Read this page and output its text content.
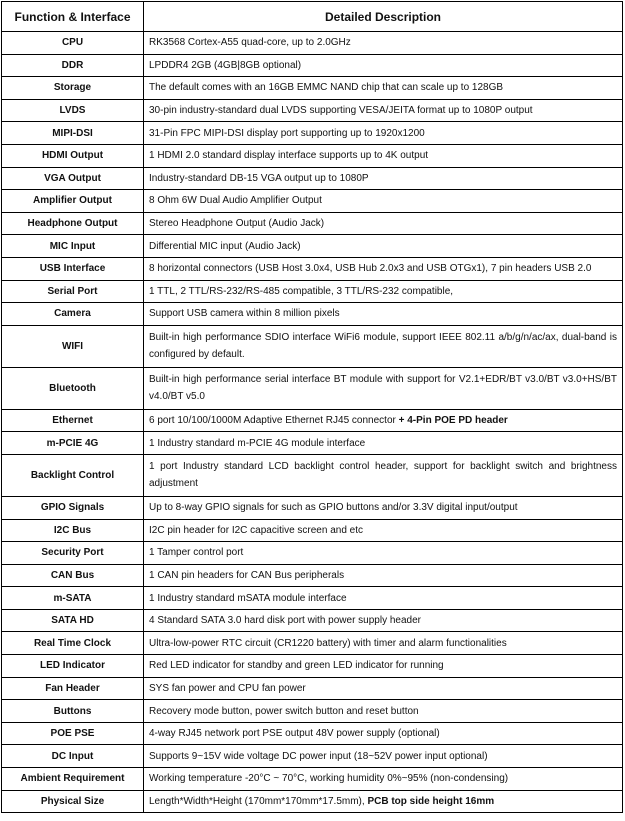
Function & Interface	Detailed Description
CPU	RK3568 Cortex-A55 quad-core, up to 2.0GHz
DDR	LPDDR4 2GB (4GB|8GB optional)
Storage	The default comes with an 16GB EMMC NAND chip that can scale up to 128GB
LVDS	30-pin industry-standard dual LVDS supporting VESA/JEITA format up to 1080P output
MIPI-DSI	31-Pin FPC MIPI-DSI display port supporting up to 1920x1200
HDMI Output	1 HDMI 2.0 standard display interface supports up to 4K output
VGA Output	Industry-standard DB-15 VGA output up to 1080P
Amplifier Output	8 Ohm 6W Dual Audio Amplifier Output
Headphone Output	Stereo Headphone Output (Audio Jack)
MIC Input	Differential MIC input (Audio Jack)
USB Interface	8 horizontal connectors (USB Host 3.0x4, USB Hub 2.0x3 and USB OTGx1), 7 pin headers USB 2.0
Serial Port	1 TTL, 2 TTL/RS-232/RS-485 compatible, 3 TTL/RS-232 compatible,
Camera	Support USB camera within 8 million pixels
WIFI	Built-in high performance SDIO interface WiFi6 module, support IEEE 802.11 a/b/g/n/ac/ax, dual-band is configured by default.
Bluetooth	Built-in high performance serial interface BT module with support for V2.1+EDR/BT v3.0/BT v3.0+HS/BT v4.0/BT v5.0
Ethernet	6 port 10/100/1000M Adaptive Ethernet RJ45 connector + 4-Pin POE PD header
m-PCIE 4G	1 Industry standard m-PCIE 4G module interface
Backlight Control	1 port Industry standard LCD backlight control header, support for backlight switch and brightness adjustment
GPIO Signals	Up to 8-way GPIO signals for such as GPIO buttons and/or 3.3V digital input/output
I2C Bus	I2C pin header for I2C capacitive screen and etc
Security Port	1 Tamper control port
CAN Bus	1 CAN pin headers for CAN Bus peripherals
m-SATA	1 Industry standard mSATA module interface
SATA HD	4 Standard SATA 3.0 hard disk port with power supply header
Real Time Clock	Ultra-low-power RTC circuit (CR1220 battery) with timer and alarm functionalities
LED Indicator	Red LED indicator for standby and green LED indicator for running
Fan Header	SYS fan power and CPU fan power
Buttons	Recovery mode button, power switch button and reset button
POE PSE	4-way RJ45 network port PSE output 48V power supply (optional)
DC Input	Supports 9~15V wide voltage DC power input (18~52V power input optional)
Ambient Requirement	Working temperature -20°C ~ 70°C, working humidity 0%~95% (non-condensing)
Physical Size	Length*Width*Height (170mm*170mm*17.5mm), PCB top side height 16mm
